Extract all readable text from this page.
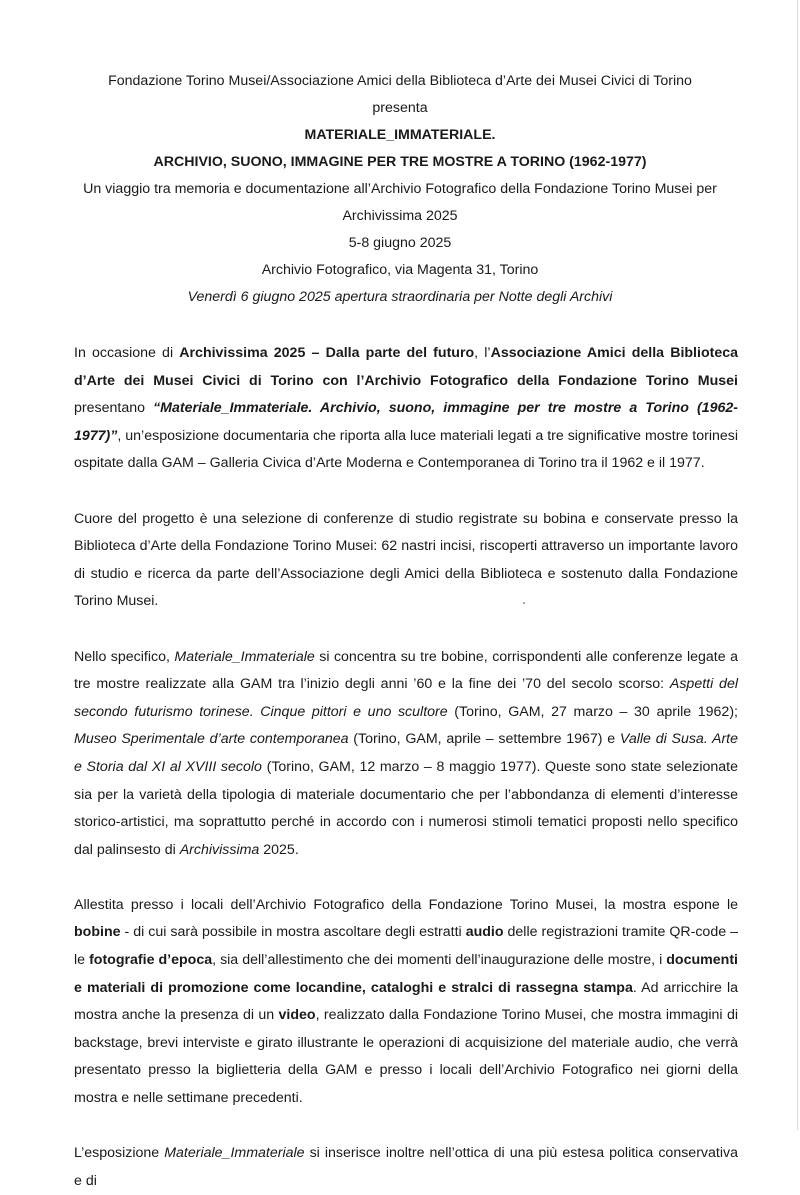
Fondazione Torino Musei/Associazione Amici della Biblioteca d’Arte dei Musei Civici di Torino
presenta
MATERIALE_IMMATERIALE.
ARCHIVIO, SUONO, IMMAGINE PER TRE MOSTRE A TORINO (1962-1977)
Un viaggio tra memoria e documentazione all’Archivio Fotografico della Fondazione Torino Musei per
Archivissima 2025
5-8 giugno 2025
Archivio Fotografico, via Magenta 31, Torino
Venerdì 6 giugno 2025 apertura straordinaria per Notte degli Archivi

In occasione di Archivissima 2025 – Dalla parte del futuro, l’Associazione Amici della Biblioteca d’Arte dei Musei Civici di Torino con l’Archivio Fotografico della Fondazione Torino Musei presentano “Materiale_Immateriale. Archivio, suono, immagine per tre mostre a Torino (1962-1977)”, un’esposizione documentaria che riporta alla luce materiali legati a tre significative mostre torinesi ospitate dalla GAM – Galleria Civica d’Arte Moderna e Contemporanea di Torino tra il 1962 e il 1977.

Cuore del progetto è una selezione di conferenze di studio registrate su bobina e conservate presso la Biblioteca d’Arte della Fondazione Torino Musei: 62 nastri incisi, riscoperti attraverso un importante lavoro di studio e ricerca da parte dell’Associazione degli Amici della Biblioteca e sostenuto dalla Fondazione Torino Musei.

Nello specifico, Materiale_Immateriale si concentra su tre bobine, corrispondenti alle conferenze legate a tre mostre realizzate alla GAM tra l’inizio degli anni ’60 e la fine dei ’70 del secolo scorso: Aspetti del secondo futurismo torinese. Cinque pittori e uno scultore (Torino, GAM, 27 marzo – 30 aprile 1962); Museo Sperimentale d’arte contemporanea (Torino, GAM, aprile – settembre 1967) e Valle di Susa. Arte e Storia dal XI al XVIII secolo (Torino, GAM, 12 marzo – 8 maggio 1977). Queste sono state selezionate sia per la varietà della tipologia di materiale documentario che per l’abbondanza di elementi d’interesse storico-artistici, ma soprattutto perché in accordo con i numerosi stimoli tematici proposti nello specifico dal palinsesto di Archivissima 2025.

Allestita presso i locali dell’Archivio Fotografico della Fondazione Torino Musei, la mostra espone le bobine - di cui sarà possibile in mostra ascoltare degli estratti audio delle registrazioni tramite QR-code – le fotografie d’epoca, sia dell’allestimento che dei momenti dell’inaugurazione delle mostre, i documenti e materiali di promozione come locandine, cataloghi e stralci di rassegna stampa. Ad arricchire la mostra anche la presenza di un video, realizzato dalla Fondazione Torino Musei, che mostra immagini di backstage, brevi interviste e girato illustrante le operazioni di acquisizione del materiale audio, che verrà presentato presso la biglietteria della GAM e presso i locali dell’Archivio Fotografico nei giorni della mostra e nelle settimane precedenti.

L’esposizione Materiale_Immateriale si inserisce inoltre nell’ottica di una più estesa politica conservativa e di
